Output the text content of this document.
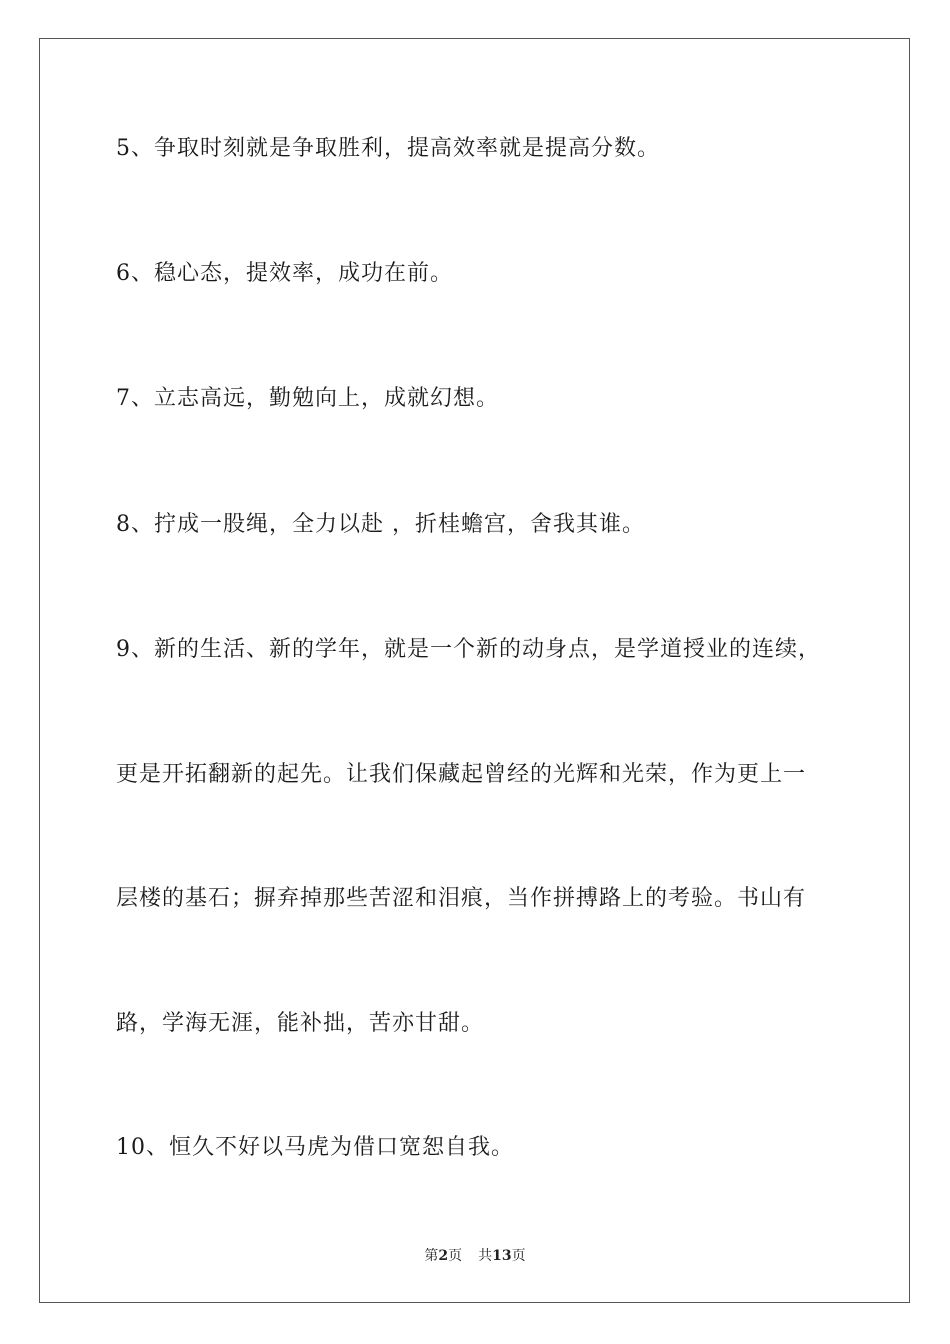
5、争取时刻就是争取胜利，提高效率就是提高分数。
6、稳心态，提效率，成功在前。
7、立志高远，勤勉向上，成就幻想。
8、拧成一股绳，全力以赴 ，折桂蟾宫，舍我其谁。
9、新的生活、新的学年，就是一个新的动身点，是学道授业的连续，
更是开拓翻新的起先。让我们保藏起曾经的光辉和光荣，作为更上一
层楼的基石；摒弃掉那些苦涩和泪痕，当作拼搏路上的考验。书山有
路，学海无涯，能补拙，苦亦甘甜。
10、恒久不好以马虎为借口宽恕自我。
第2页 共13页
